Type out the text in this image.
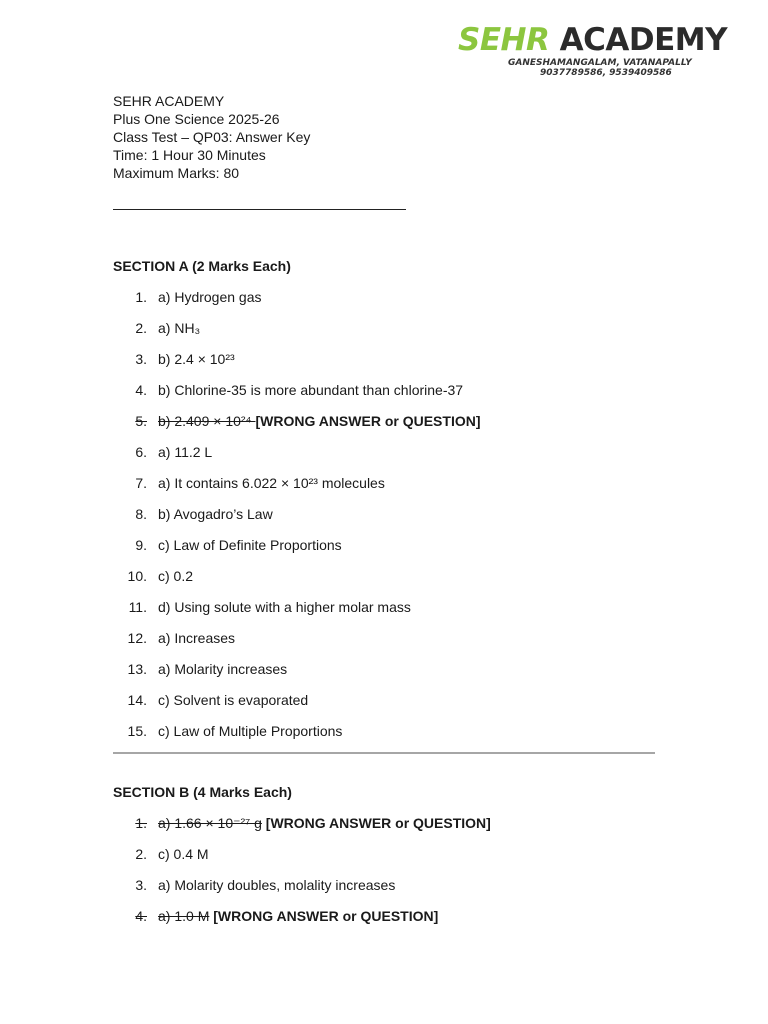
SEHR ACADEMY
GANESHAMANGALAM, VATANAPALLY
9037789586, 9539409586
SEHR ACADEMY
Plus One Science 2025-26
Class Test – QP03: Answer Key
Time: 1 Hour 30 Minutes
Maximum Marks: 80
SECTION A (2 Marks Each)
1. a) Hydrogen gas
2. a) NH₃
3. b) 2.4 × 10²³
4. b) Chlorine-35 is more abundant than chlorine-37
5. b) 2.409 × 10²⁴ [WRONG ANSWER or QUESTION]
6. a) 11.2 L
7. a) It contains 6.022 × 10²³ molecules
8. b) Avogadro’s Law
9. c) Law of Definite Proportions
10. c) 0.2
11. d) Using solute with a higher molar mass
12. a) Increases
13. a) Molarity increases
14. c) Solvent is evaporated
15. c) Law of Multiple Proportions
SECTION B (4 Marks Each)
1. a) 1.66 × 10⁻²⁷ g [WRONG ANSWER or QUESTION]
2. c) 0.4 M
3. a) Molarity doubles, molality increases
4. a) 1.0 M [WRONG ANSWER or QUESTION]
